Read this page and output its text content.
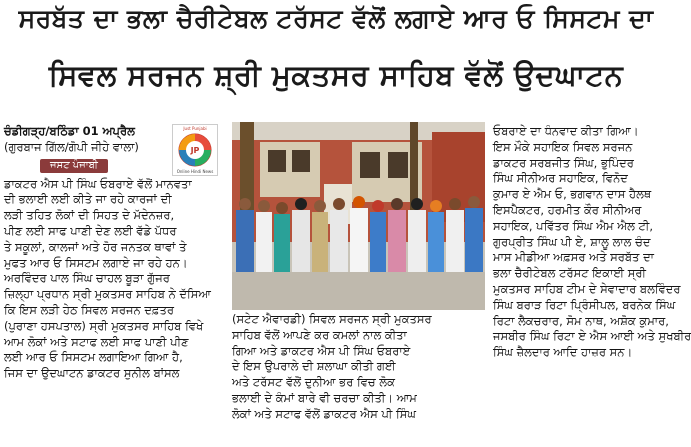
ਸਰਬੱਤ ਦਾ ਭਲਾ ਚੈਰੀਟੇਬਲ ਟਰੱਸਟ ਵੱਲੋਂ ਲਗਾਏ ਆਰ ਓ ਸਿਸਟਮ ਦਾ
ਸਿਵਲ ਸਰਜਨ ਸ਼੍ਰੀ ਮੁਕਤਸਰ ਸਾਹਿਬ ਵੱਲੋਂ ਉਦਘਾਟਨ

ਚੰਡੀਗੜ੍ਹ/ਬਠਿੰਡਾ 01 ਅਪ੍ਰੈਲ

(ਗੁਰਬਾਜ ਗਿੱਲ/ਗੋਪੀ ਜੀਹੇ ਵਾਲਾ)

ਜਸਟ ਪੰਜਾਬੀ

ਡਾਕਟਰ ਐਸ ਪੀ ਸਿੰਘ ਓਬਰਾਏ ਵੱਲੋਂ ਮਾਨਵਤਾ

ਦੀ ਭਲਾਈ ਲਈ ਕੀਤੇ ਜਾ ਰਹੇ ਕਾਰਜਾਂ ਦੀ

ਲੜੀ ਤਹਿਤ ਲੋਕਾਂ ਦੀ ਸਿਹਤ ਦੇ ਮੱਦੇਨਜ਼ਰ,

ਪੀਣ ਲਈ ਸਾਫ ਪਾਣੀ ਦੇਣ ਲਈ ਵੱਡੇ ਪੱਧਰ

ਤੇ ਸਕੂਲਾਂ, ਕਾਲਜਾਂ ਅਤੇ ਹੋਰ ਜਨਤਕ ਥਾਵਾਂ ਤੇ

ਮੁਫਤ ਆਰ ਓ ਸਿਸਟਮ ਲਗਾਏ ਜਾ ਰਹੇ ਹਨ।

ਅਰਵਿੰਦਰ ਪਾਲ ਸਿੰਘ ਚਾਹਲ ਬੂੜਾ ਗੁੱਜਰ

ਜ਼ਿਲ੍ਹਾ ਪ੍ਰਧਾਨ ਸ੍ਰੀ ਮੁਕਤਸਰ ਸਾਹਿਬ ਨੇ ਦੱਸਿਆ

ਕਿ ਇਸ ਲੜੀ ਹੇਠ ਸਿਵਲ ਸਰਜਨ ਦਫ਼ਤਰ

(ਪੁਰਾਣਾ ਹਸਪਤਾਲ) ਸ੍ਰੀ ਮੁਕਤਸਰ ਸਾਹਿਬ ਵਿਖੇ

ਆਮ ਲੋਕਾਂ ਅਤੇ ਸਟਾਫ ਲਈ ਸਾਫ ਪਾਣੀ ਪੀਣ

ਲਈ ਆਰ ਓ ਸਿਸਟਮ ਲਗਾਇਆ ਗਿਆ ਹੈ,

ਜਿਸ ਦਾ ਉਦਘਾਟਨ ਡਾਕਟਰ ਸੁਨੀਲ ਬਾਂਸਲ

JP
Just Punjabi
Online Hindi News

(ਸਟੇਟ ਐਵਾਰਡੀ) ਸਿਵਲ ਸਰਜਨ ਸ੍ਰੀ ਮੁਕਤਸਰ

ਸਾਹਿਬ ਵੱਲੋਂ ਆਪਣੇ ਕਰ ਕਮਲਾਂ ਨਾਲ ਕੀਤਾ

ਗਿਆ ਅਤੇ ਡਾਕਟਰ ਐਸ ਪੀ ਸਿੰਘ ਓਬਰਾਏ

ਦੇ ਇਸ ਉਪਰਾਲੇ ਦੀ ਸ਼ਲਾਘਾ ਕੀਤੀ ਗਈ

ਅਤੇ ਟਰੱਸਟ ਵੱਲੋਂ ਦੁਨੀਆ ਭਰ ਵਿਚ ਲੋਕ

ਭਲਾਈ ਦੇ ਕੰਮਾਂ ਬਾਰੇ ਵੀ ਚਰਚਾ ਕੀਤੀ। ਆਮ

ਲੋਕਾਂ ਅਤੇ ਸਟਾਫ ਵੱਲੋਂ ਡਾਕਟਰ ਐਸ ਪੀ ਸਿੰਘ

ਓਬਰਾਏ ਦਾ ਧੰਨਵਾਦ ਕੀਤਾ ਗਿਆ।

ਇਸ ਮੌਕੇ ਸਹਾਇਕ ਸਿਵਲ ਸਰਜਨ

ਡਾਕਟਰ ਸਰਬਜੀਤ ਸਿੰਘ, ਭੁਪਿੰਦਰ

ਸਿੰਘ ਸੀਨੀਅਰ ਸਹਾਇਕ, ਵਿਨੋਦ

ਕੁਮਾਰ ਏ ਐਮ ਓ, ਭਗਵਾਨ ਦਾਸ ਹੈਲਥ

ਇਸਪੈਕਟਰ, ਹਰਮੀਤ ਕੌਰ ਸੀਨੀਅਰ

ਸਹਾਇਕ, ਪਵਿੱਤਰ ਸਿੰਘ ਐਮ ਐਲ ਟੀ,

ਗੁਰਪ੍ਰੀਤ ਸਿੰਘ ਪੀ ਏ, ਸ਼ਾਲੂ ਲਾਲ ਚੰਦ

ਮਾਸ ਮੀਡੀਆ ਅਫ਼ਸਰ ਅਤੇ ਸਰਬੱਤ ਦਾ

ਭਲਾ ਚੈਰੀਟੇਬਲ ਟਰੱਸਟ ਇਕਾਈ ਸ੍ਰੀ

ਮੁਕਤਸਰ ਸਾਹਿਬ ਟੀਮ ਦੇ ਸੇਵਾਦਾਰ ਬਲਵਿੰਦਰ

ਸਿੰਘ ਬਰਾੜ ਰਿਟਾ ਪ੍ਰਿੰਸੀਪਲ, ਬਰਨੇਕ ਸਿੰਘ

ਰਿਟਾ ਲੈਕਚਰਾਰ, ਸੋਮ ਨਾਥ, ਅਸ਼ੋਕ ਕੁਮਾਰ,

ਜਸਬੀਰ ਸਿੰਘ ਰਿਟਾ ਏ ਐਸ ਆਈ ਅਤੇ ਸੁਖਬੀਰ

ਸਿੰਘ ਜ਼ੈਲਦਾਰ ਆਦਿ ਹਾਜ਼ਰ ਸਨ।
